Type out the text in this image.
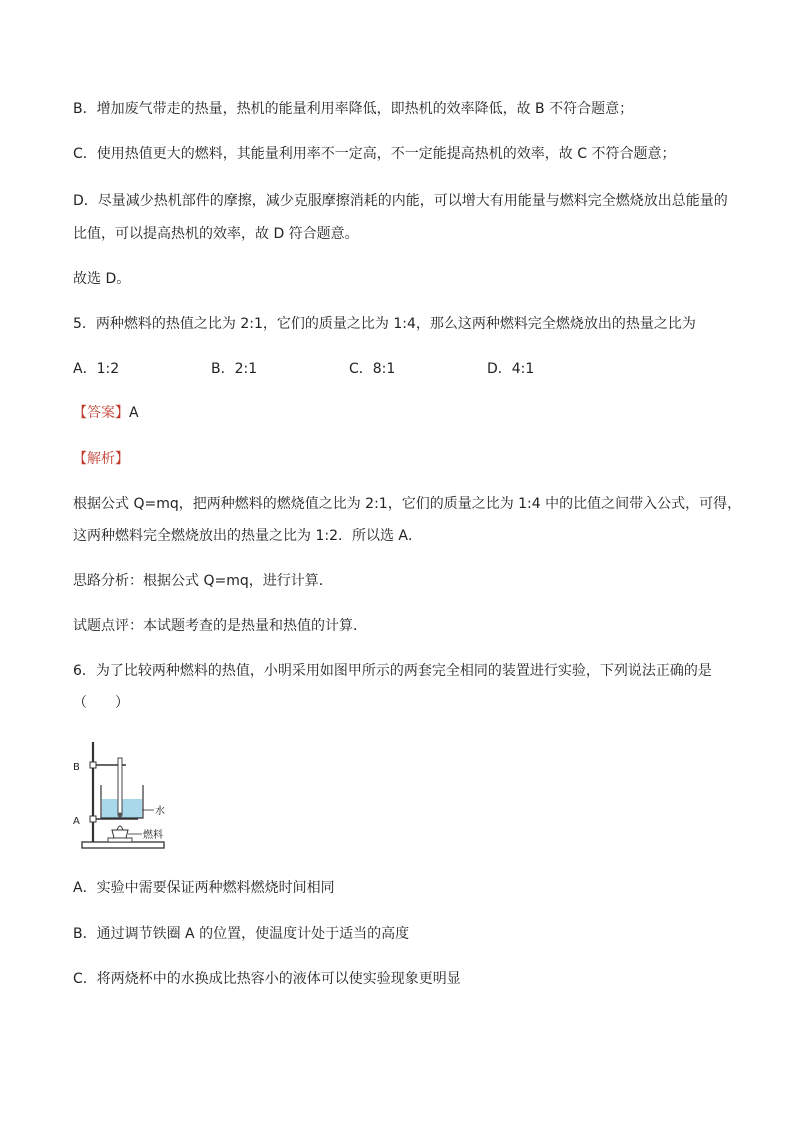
B．增加废气带走的热量，热机的能量利用率降低，即热机的效率降低，故 B 不符合题意；
C．使用热值更大的燃料，其能量利用率不一定高，不一定能提高热机的效率，故 C 不符合题意；
D．尽量减少热机部件的摩擦，减少克服摩擦消耗的内能，可以增大有用能量与燃料完全燃烧放出总能量的
比值，可以提高热机的效率，故 D 符合题意。
故选 D。
5．两种燃料的热值之比为 2:1，它们的质量之比为 1:4，那么这两种燃料完全燃烧放出的热量之比为
A．1:2	B．2:1	C．8:1	D．4:1
【答案】A
【解析】
根据公式 Q=mq，把两种燃料的燃烧值之比为 2:1，它们的质量之比为 1:4 中的比值之间带入公式，可得，
这两种燃料完全燃烧放出的热量之比为 1:2．所以选 A．
思路分析：根据公式 Q=mq，进行计算．
试题点评：本试题考查的是热量和热值的计算．
6．为了比较两种燃料的热值，小明采用如图甲所示的两套完全相同的装置进行实验，下列说法正确的是
（　　）
B
A
水
燃料
A．实验中需要保证两种燃料燃烧时间相同
B．通过调节铁圈 A 的位置，使温度计处于适当的高度
C．将两烧杯中的水换成比热容小的液体可以使实验现象更明显
